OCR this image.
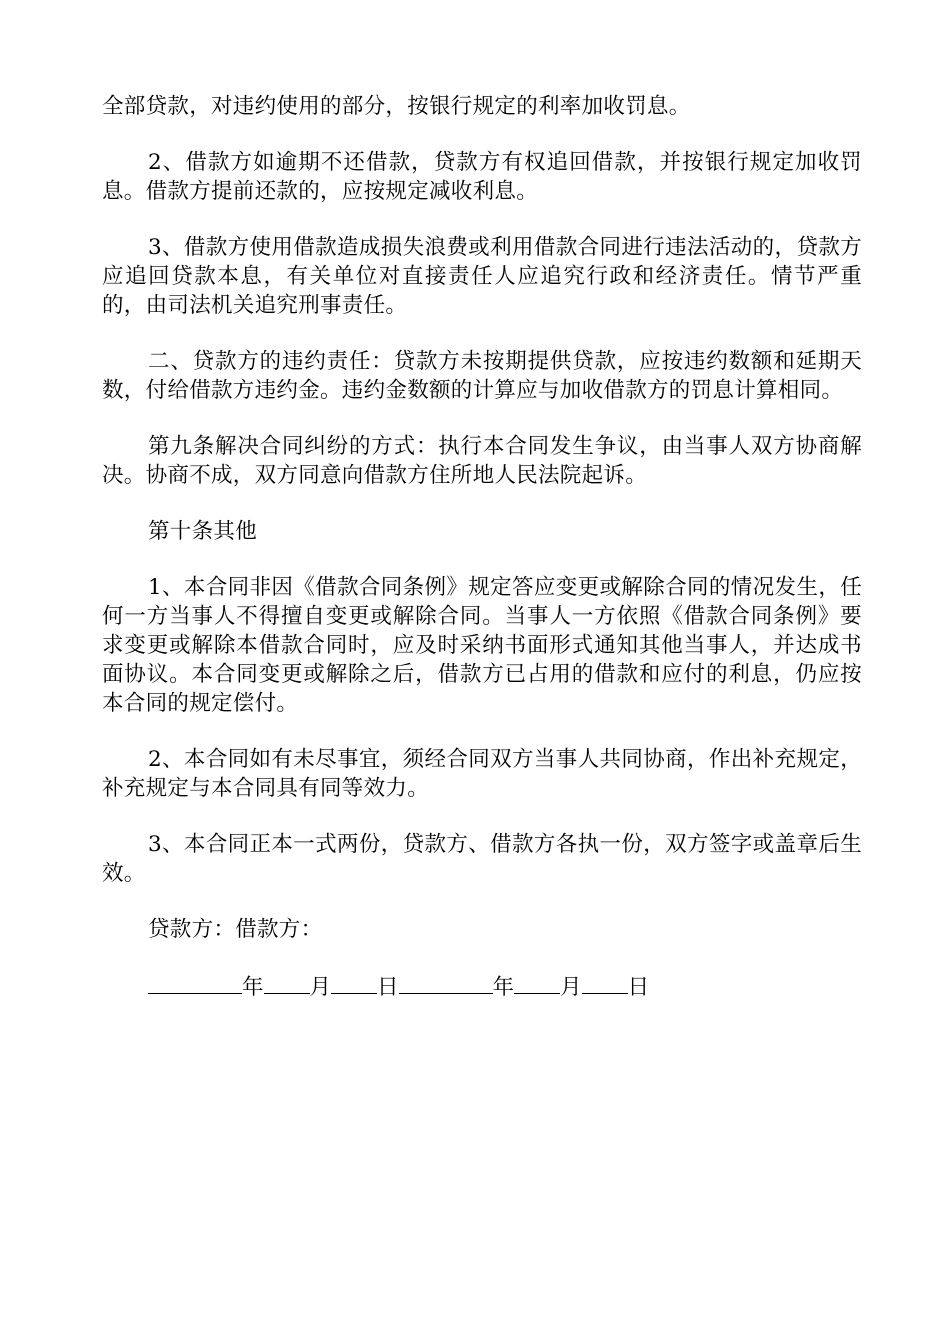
全部贷款，对违约使用的部分，按银行规定的利率加收罚息。

2、借款方如逾期不还借款，贷款方有权追回借款，并按银行规定加收罚息。借款方提前还款的，应按规定减收利息。

3、借款方使用借款造成损失浪费或利用借款合同进行违法活动的，贷款方应追回贷款本息，有关单位对直接责任人应追究行政和经济责任。情节严重的，由司法机关追究刑事责任。

二、贷款方的违约责任：贷款方未按期提供贷款，应按违约数额和延期天数，付给借款方违约金。违约金数额的计算应与加收借款方的罚息计算相同。

第九条解决合同纠纷的方式：执行本合同发生争议，由当事人双方协商解决。协商不成，双方同意向借款方住所地人民法院起诉。

第十条其他

1、本合同非因《借款合同条例》规定答应变更或解除合同的情况发生，任何一方当事人不得擅自变更或解除合同。当事人一方依照《借款合同条例》要求变更或解除本借款合同时，应及时采纳书面形式通知其他当事人，并达成书面协议。本合同变更或解除之后，借款方已占用的借款和应付的利息，仍应按本合同的规定偿付。

2、本合同如有未尽事宜，须经合同双方当事人共同协商，作出补充规定，补充规定与本合同具有同等效力。

3、本合同正本一式两份，贷款方、借款方各执一份，双方签字或盖章后生效。

贷款方：借款方：

年 月 日	年 月 日
